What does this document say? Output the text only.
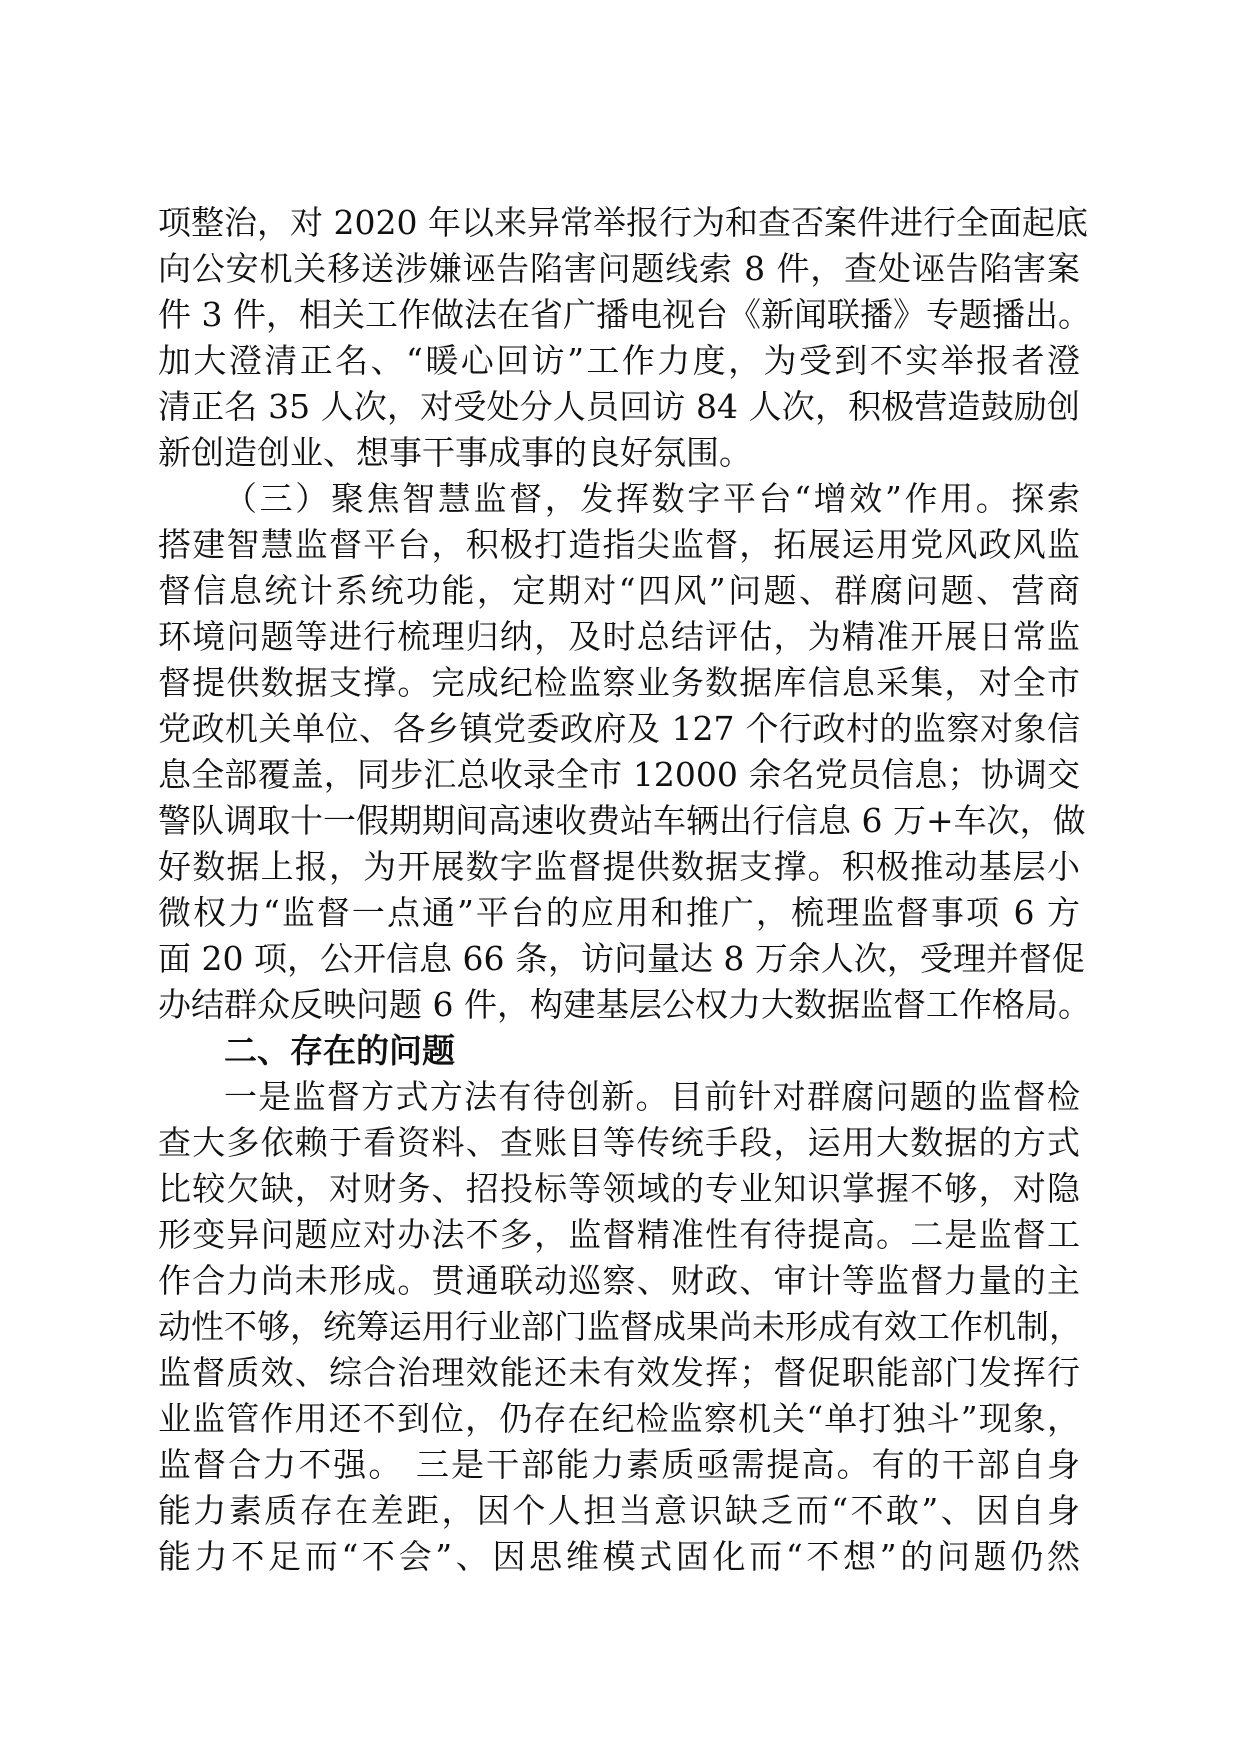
项整治，对 2020 年以来异常举报行为和查否案件进行全面起底
向公安机关移送涉嫌诬告陷害问题线索 8 件，查处诬告陷害案
件 3 件，相关工作做法在省广播电视台《新闻联播》专题播出。
加大澄清正名、“暖心回访”工作力度，为受到不实举报者澄
清正名 35 人次，对受处分人员回访 84 人次，积极营造鼓励创
新创造创业、想事干事成事的良好氛围。
（三）聚焦智慧监督，发挥数字平台“增效”作用。探索
搭建智慧监督平台，积极打造指尖监督，拓展运用党风政风监
督信息统计系统功能，定期对“四风”问题、群腐问题、营商
环境问题等进行梳理归纳，及时总结评估，为精准开展日常监
督提供数据支撑。完成纪检监察业务数据库信息采集，对全市
党政机关单位、各乡镇党委政府及 127 个行政村的监察对象信
息全部覆盖，同步汇总收录全市 12000 余名党员信息；协调交
警队调取十一假期期间高速收费站车辆出行信息 6 万+车次，做
好数据上报，为开展数字监督提供数据支撑。积极推动基层小
微权力“监督一点通”平台的应用和推广，梳理监督事项 6 方
面 20 项，公开信息 66 条，访问量达 8 万余人次，受理并督促
办结群众反映问题 6 件，构建基层公权力大数据监督工作格局。
二、存在的问题
一是监督方式方法有待创新。目前针对群腐问题的监督检
查大多依赖于看资料、查账目等传统手段，运用大数据的方式
比较欠缺，对财务、招投标等领域的专业知识掌握不够，对隐
形变异问题应对办法不多，监督精准性有待提高。二是监督工
作合力尚未形成。贯通联动巡察、财政、审计等监督力量的主
动性不够，统筹运用行业部门监督成果尚未形成有效工作机制，
监督质效、综合治理效能还未有效发挥；督促职能部门发挥行
业监管作用还不到位，仍存在纪检监察机关“单打独斗”现象，
监督合力不强。 三是干部能力素质亟需提高。有的干部自身
能力素质存在差距，因个人担当意识缺乏而“不敢”、因自身
能力不足而“不会”、因思维模式固化而“不想”的问题仍然
